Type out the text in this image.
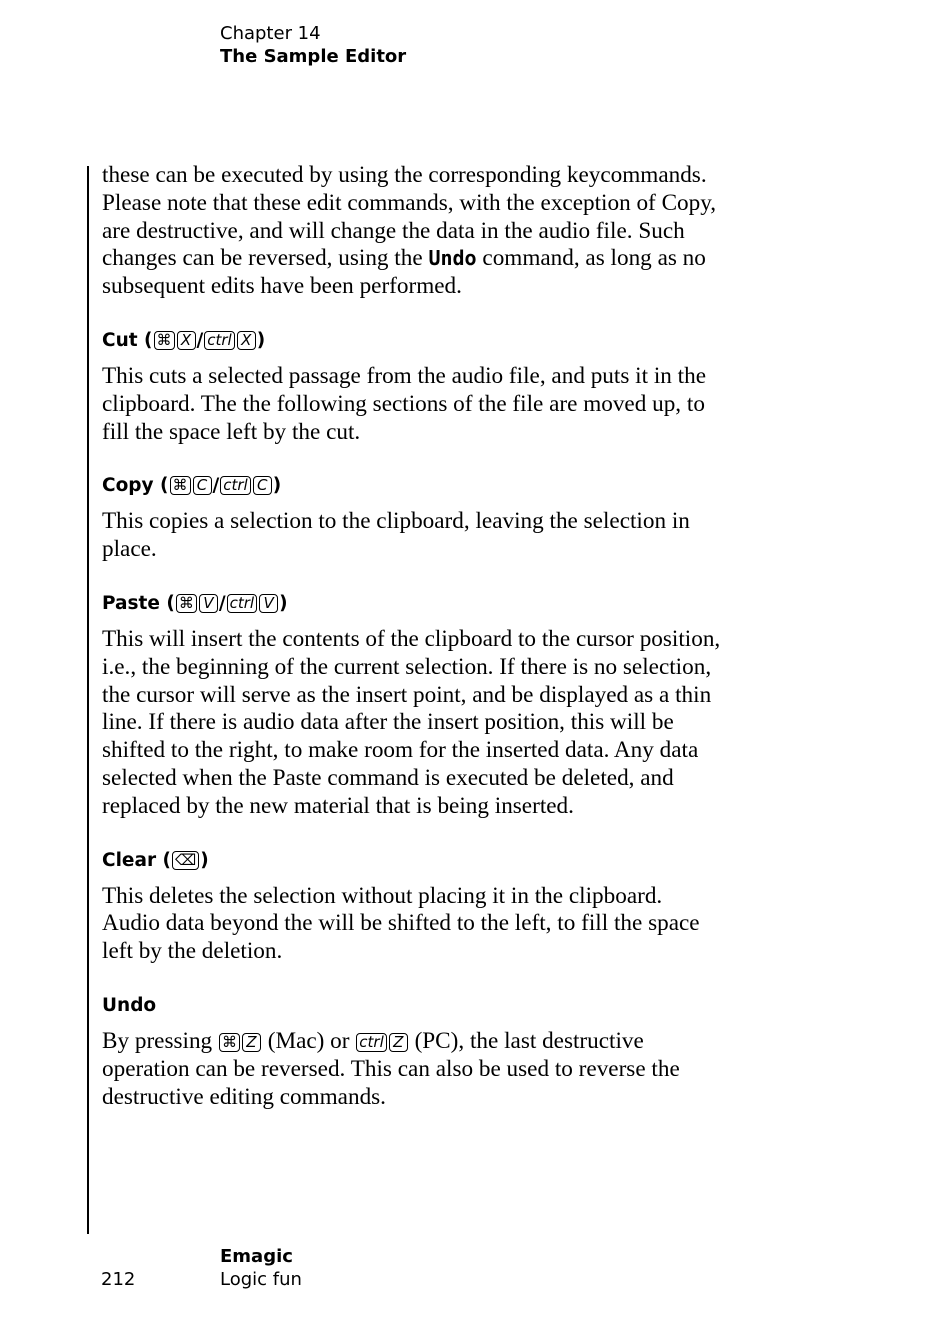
Chapter 14
The Sample Editor

these can be executed by using the corresponding keycommands.

Please note that these edit commands, with the exception of Copy, are destructive, and will change the data in the audio file. Such changes can be reversed, using the Undo command, as long as no subsequent edits have been performed.

Cut ( ⌘ X / ctrl X )

This cuts a selected passage from the audio file, and puts it in the clipboard. The the following sections of the file are moved up, to fill the space left by the cut.

Copy ( ⌘ C / ctrl C )

This copies a selection to the clipboard, leaving the selection in place.

Paste ( ⌘ V / ctrl V )

This will insert the contents of the clipboard to the cursor position, i.e., the beginning of the current selection. If there is no selection, the cursor will serve as the insert point, and be displayed as a thin line. If there is audio data after the insert position, this will be shifted to the right, to make room for the inserted data. Any data selected when the Paste command is executed be deleted, and replaced by the new material that is being inserted.

Clear ( ⌫ )

This deletes the selection without placing it in the clipboard. Audio data beyond the will be shifted to the left, to fill the space left by the deletion.

Undo

By pressing ⌘ Z (Mac) or ctrl Z (PC), the last destructive operation can be reversed. This can also be used to reverse the destructive editing commands.

Emagic
Logic fun
212
